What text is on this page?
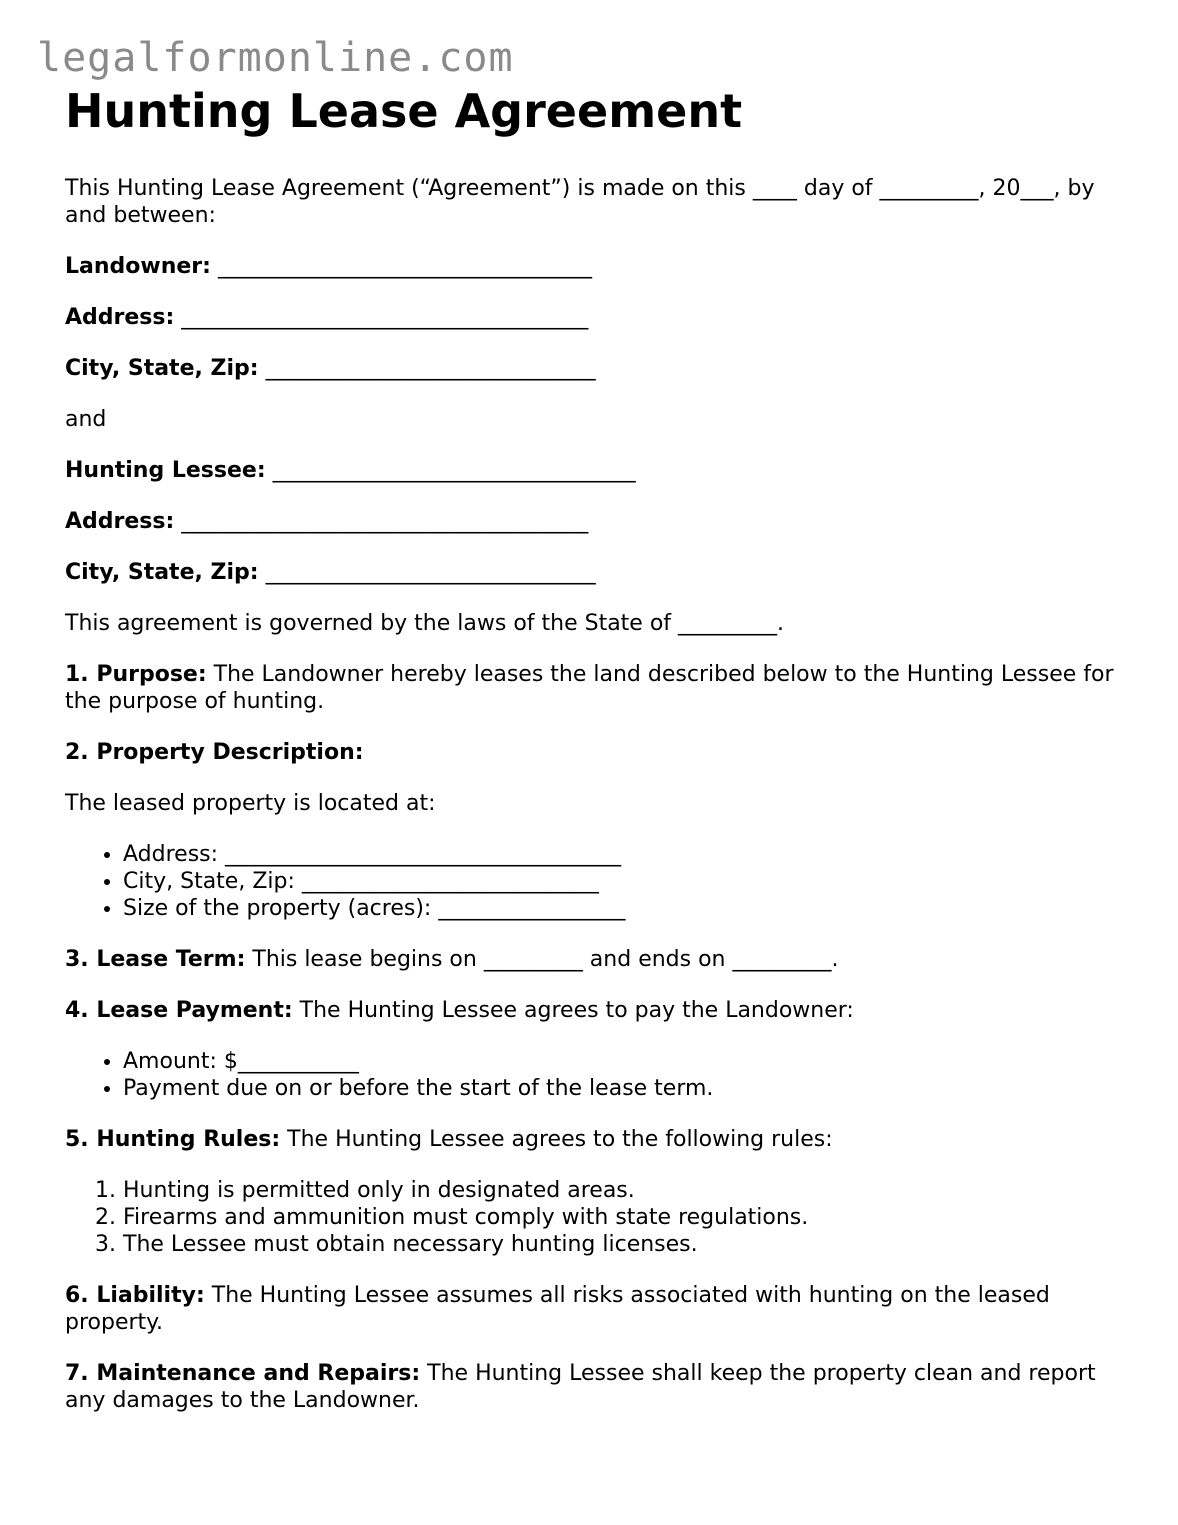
legalformonline.com
Hunting Lease Agreement

This Hunting Lease Agreement (“Agreement”) is made on this ____ day of _________, 20___, by and between:

Landowner: __________________________________

Address: _____________________________________

City, State, Zip: ______________________________

and

Hunting Lessee: _________________________________

Address: _____________________________________

City, State, Zip: ______________________________

This agreement is governed by the laws of the State of _________.

1. Purpose: The Landowner hereby leases the land described below to the Hunting Lessee for the purpose of hunting.

2. Property Description:

The leased property is located at:

• Address: ____________________________________
• City, State, Zip: ___________________________
• Size of the property (acres): _________________

3. Lease Term: This lease begins on _________ and ends on _________.

4. Lease Payment: The Hunting Lessee agrees to pay the Landowner:

• Amount: $___________
• Payment due on or before the start of the lease term.

5. Hunting Rules: The Hunting Lessee agrees to the following rules:

1. Hunting is permitted only in designated areas.
2. Firearms and ammunition must comply with state regulations.
3. The Lessee must obtain necessary hunting licenses.

6. Liability: The Hunting Lessee assumes all risks associated with hunting on the leased property.

7. Maintenance and Repairs: The Hunting Lessee shall keep the property clean and report any damages to the Landowner.
